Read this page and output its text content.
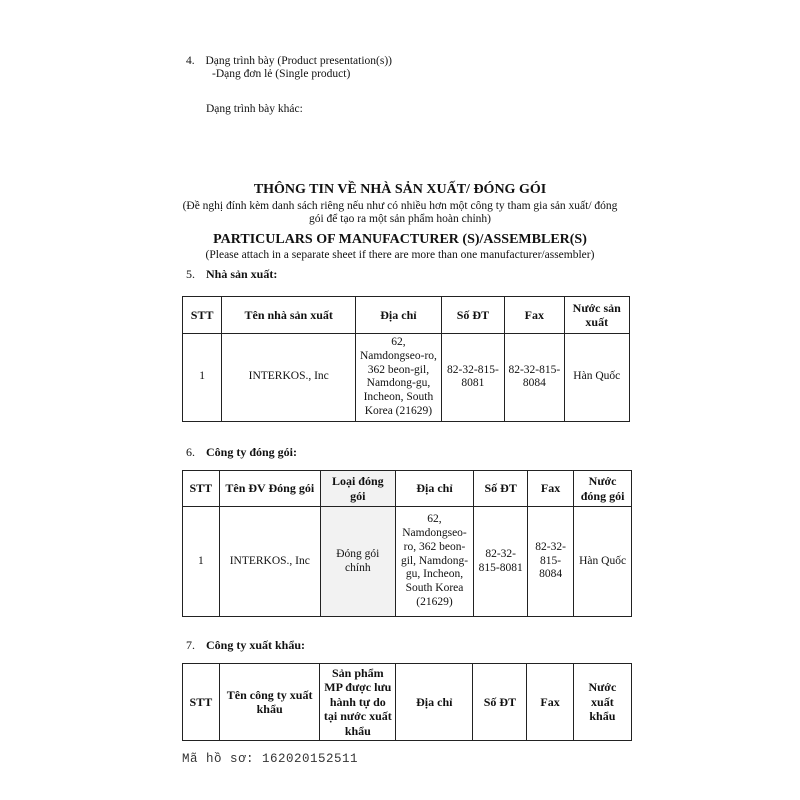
4. Dạng trình bày (Product presentation(s))
-Dạng đơn lẻ (Single product)
Dạng trình bày khác:
THÔNG TIN VỀ NHÀ SẢN XUẤT/ ĐÓNG GÓI
(Đề nghị đính kèm danh sách riêng nếu như có nhiều hơn một công ty tham gia sản xuất/ đóng
gói để tạo ra một sản phẩm hoàn chỉnh)
PARTICULARS OF MANUFACTURER (S)/ASSEMBLER(S)
(Please attach in a separate sheet if there are more than one manufacturer/assembler)
5. Nhà sản xuất:
STT	Tên nhà sản xuất	Địa chỉ	Số ĐT	Fax	Nước sản xuất
1	INTERKOS., Inc	62, Namdongseo-ro, 362 beon-gil, Namdong-gu, Incheon, South Korea (21629)	82-32-815-8081	82-32-815-8084	Hàn Quốc
6. Công ty đóng gói:
STT	Tên ĐV Đóng gói	Loại đóng gói	Địa chỉ	Số ĐT	Fax	Nước đóng gói
1	INTERKOS., Inc	Đóng gói chính	62, Namdongseo-ro, 362 beon-gil, Namdong-gu, Incheon, South Korea (21629)	82-32-815-8081	82-32-815-8084	Hàn Quốc
7. Công ty xuất khẩu:
STT	Tên công ty xuất khẩu	Sản phẩm MP được lưu hành tự do tại nước xuất khẩu	Địa chỉ	Số ĐT	Fax	Nước xuất khẩu
Mã hồ sơ: 162020152511
